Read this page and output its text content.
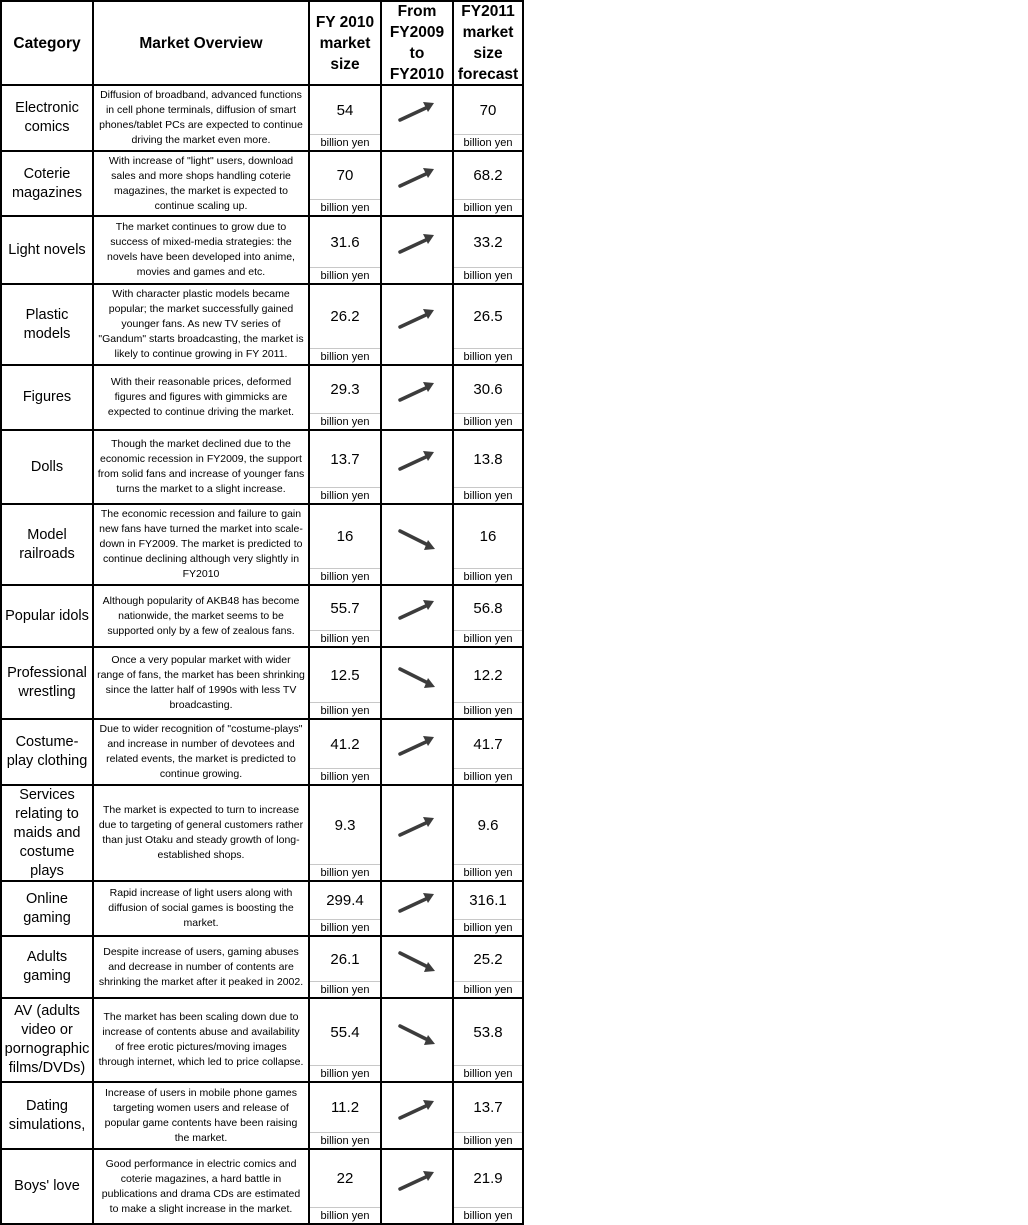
Category	Market Overview
FY 2010 market size
From FY2009 to FY2010
FY2011 market size forecast
Electronic comics
Diffusion of broadband, advanced functions in cell phone terminals, diffusion of smart phones/tablet PCs are expected to continue driving the market even more.
54
billion yen
70
billion yen
Coterie magazines
With increase of "light" users, download sales and more shops handling coterie magazines, the market is expected to continue scaling up.
70
billion yen
68.2
billion yen
Light novels
The market continues to grow due to success of mixed-media strategies: the novels have been developed into anime, movies and games and etc.
31.6
billion yen
33.2
billion yen
Plastic models
With character plastic models became popular; the market successfully gained younger fans. As new TV series of "Gandum" starts broadcasting, the market is likely to continue growing in FY 2011.
26.2
billion yen
26.5
billion yen
Figures
With their reasonable prices, deformed figures and figures with gimmicks are expected to continue driving the market.
29.3
billion yen
30.6
billion yen
Dolls
Though the market declined due to the economic recession in FY2009, the support from solid fans and increase of younger fans turns the market to a slight increase.
13.7
billion yen
13.8
billion yen
Model railroads
The economic recession and failure to gain new fans have turned the market into scale-down in FY2009. The market is predicted to continue declining although very slightly in FY2010
16
billion yen
16
billion yen
Popular idols
Although popularity of AKB48 has become nationwide, the market seems to be supported only by a few of zealous fans.
55.7
billion yen
56.8
billion yen
Professional wrestling
Once a very popular market with wider range of fans, the market has been shrinking since the latter half of 1990s with less TV broadcasting.
12.5
billion yen
12.2
billion yen
Costume-play clothing
Due to wider recognition of "costume-plays" and increase in number of devotees and related events, the market is predicted to continue growing.
41.2
billion yen
41.7
billion yen
Services relating to maids and costume plays
The market is expected to turn to increase due to targeting of general customers rather than just Otaku and steady growth of long-established shops.
9.3
billion yen
9.6
billion yen
Online gaming
Rapid increase of light users along with diffusion of social games is boosting the market.
299.4
billion yen
316.1
billion yen
Adults gaming
Despite increase of users, gaming abuses and decrease in number of contents are shrinking the market after it peaked in 2002.
26.1
billion yen
25.2
billion yen
AV (adults video or pornographic films/DVDs)
The market has been scaling down due to increase of contents abuse and availability of free erotic pictures/moving images through internet, which led to price collapse.
55.4
billion yen
53.8
billion yen
Dating simulations,
Increase of users in mobile phone games targeting women users and release of popular game contents have been raising the market.
11.2
billion yen
13.7
billion yen
Boys' love
Good performance in electric comics and coterie magazines, a hard battle in publications and drama CDs are estimated to make a slight increase in the market.
22
billion yen
21.9
billion yen
